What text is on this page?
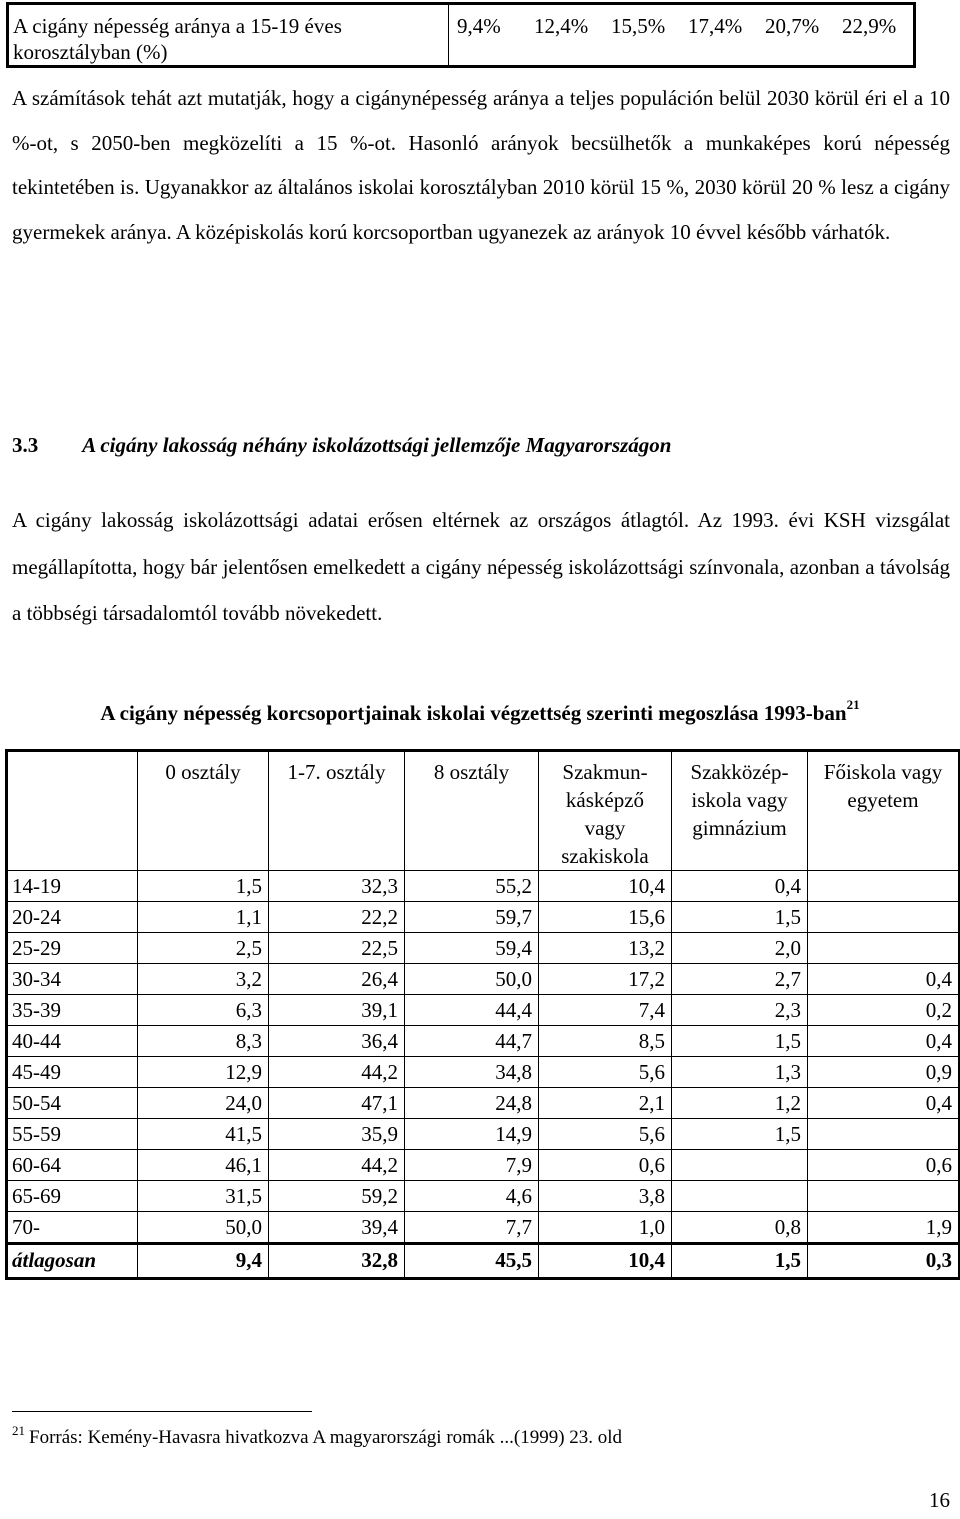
A cigány népesség aránya a 15-19 éves korosztályban (%)
9,4%	12,4%	15,5%	17,4%	20,7%	22,9%

A számítások tehát azt mutatják, hogy a cigánynépesség aránya a teljes populáción belül 2030 körül éri el a 10 %-ot, s 2050-ben megközelíti a 15 %-ot. Hasonló arányok becsülhetők a munkaképes korú népesség tekintetében is. Ugyanakkor az általános iskolai korosztályban 2010 körül 15 %, 2030 körül 20 % lesz a cigány gyermekek aránya. A középiskolás korú korcsoportban ugyanezek az arányok 10 évvel később várhatók.

3.3 A cigány lakosság néhány iskolázottsági jellemzője Magyarországon

A cigány lakosság iskolázottsági adatai erősen eltérnek az országos átlagtól. Az 1993. évi KSH vizsgálat megállapította, hogy bár jelentősen emelkedett a cigány népesség iskolázottsági színvonala, azonban a távolság a többségi társadalomtól tovább növekedett.

A cigány népesség korcsoportjainak iskolai végzettség szerinti megoszlása 1993-ban$^{21}$
	0 osztály	1-7. osztály	8 osztály	Szakmun-kásképző vagy szakiskola	Szakközép-iskola vagy gimnázium	Főiskola vagy egyetem
14-19	1,5	32,3	55,2	10,4	0,4	
20-24	1,1	22,2	59,7	15,6	1,5	
25-29	2,5	22,5	59,4	13,2	2,0	
30-34	3,2	26,4	50,0	17,2	2,7	0,4
35-39	6,3	39,1	44,4	7,4	2,3	0,2
40-44	8,3	36,4	44,7	8,5	1,5	0,4
45-49	12,9	44,2	34,8	5,6	1,3	0,9
50-54	24,0	47,1	24,8	2,1	1,2	0,4
55-59	41,5	35,9	14,9	5,6	1,5	
60-64	46,1	44,2	7,9	0,6		0,6
65-69	31,5	59,2	4,6	3,8		
70-	50,0	39,4	7,7	1,0	0,8	1,9
átlagosan	9,4	32,8	45,5	10,4	1,5	0,3
$^{21}$ Forrás: Kemény-Havasra hivatkozva A magyarországi romák ...(1999) 23. old
16
